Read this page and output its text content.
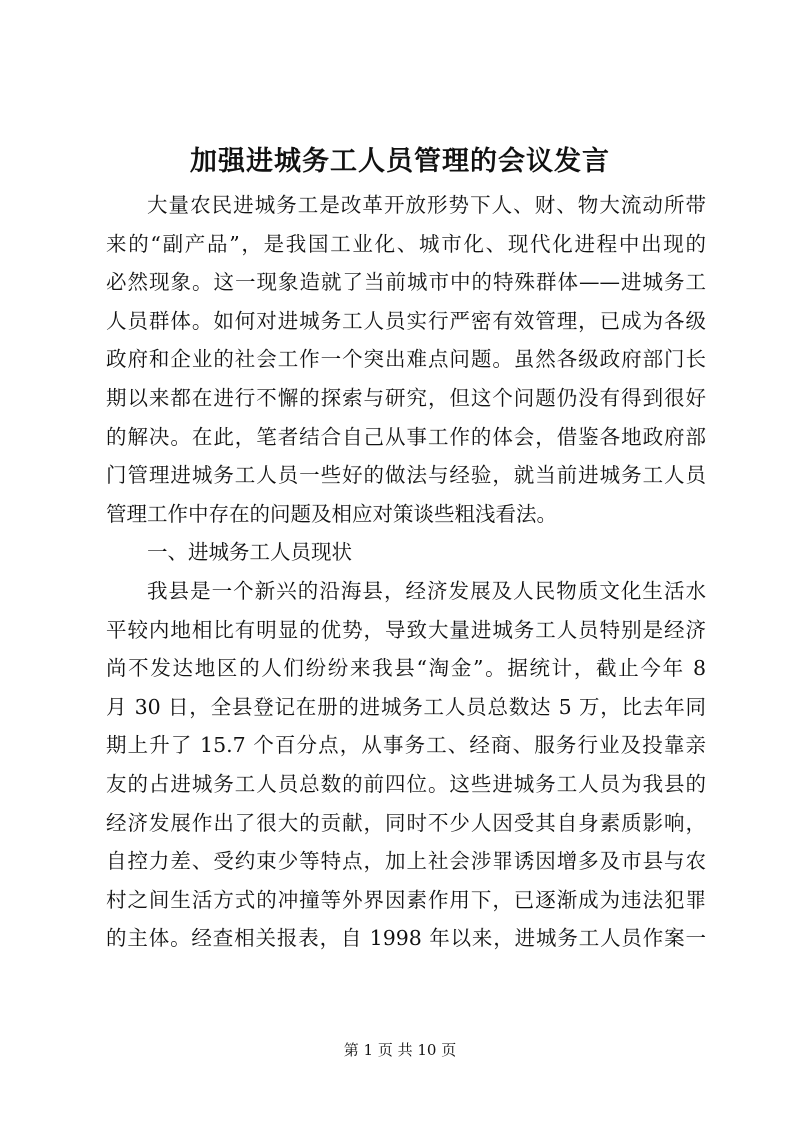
加强进城务工人员管理的会议发言
大量农民进城务工是改革开放形势下人、财、物大流动所带
来的“副产品”，是我国工业化、城市化、现代化进程中出现的
必然现象。这一现象造就了当前城市中的特殊群体——进城务工
人员群体。如何对进城务工人员实行严密有效管理，已成为各级
政府和企业的社会工作一个突出难点问题。虽然各级政府部门长
期以来都在进行不懈的探索与研究，但这个问题仍没有得到很好
的解决。在此，笔者结合自己从事工作的体会，借鉴各地政府部
门管理进城务工人员一些好的做法与经验，就当前进城务工人员
管理工作中存在的问题及相应对策谈些粗浅看法。
一、进城务工人员现状
我县是一个新兴的沿海县，经济发展及人民物质文化生活水
平较内地相比有明显的优势，导致大量进城务工人员特别是经济
尚不发达地区的人们纷纷来我县“淘金”。据统计，截止今年 8
月 30 日，全县登记在册的进城务工人员总数达 5 万，比去年同
期上升了 15.7 个百分点，从事务工、经商、服务行业及投靠亲
友的占进城务工人员总数的前四位。这些进城务工人员为我县的
经济发展作出了很大的贡献，同时不少人因受其自身素质影响，
自控力差、受约束少等特点，加上社会涉罪诱因增多及市县与农
村之间生活方式的冲撞等外界因素作用下，已逐渐成为违法犯罪
的主体。经查相关报表，自 1998 年以来，进城务工人员作案一
第 1 页 共 10 页
